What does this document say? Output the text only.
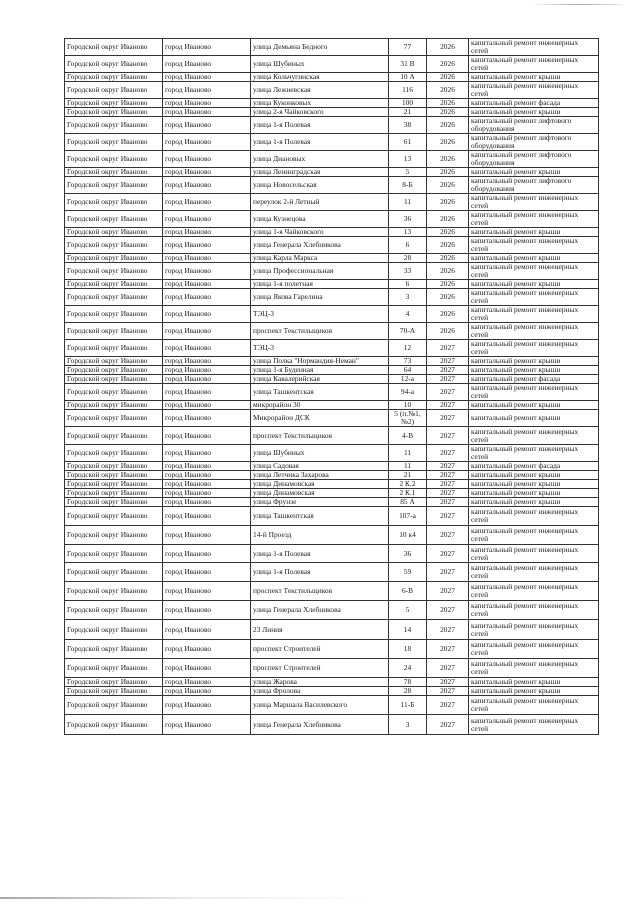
Городской округ Иваново	город Иваново	улица Демьяна Бедного	77	2026	капитальный ремонт инженерных сетей
Городской округ Иваново	город Иваново	улица Шубиных	31 В	2026	капитальный ремонт инженерных сетей
Городской округ Иваново	город Иваново	улица Кольчугинская	10 А	2026	капитальный ремонт крыши
Городской округ Иваново	город Иваново	улица Лежневская	116	2026	капитальный ремонт инженерных сетей
Городской округ Иваново	город Иваново	улица Куконковых	100	2026	капитальный ремонт фасада
Городской округ Иваново	город Иваново	улица 2-я Чайковского	21	2026	капитальный ремонт крыши
Городской округ Иваново	город Иваново	улица 1-я Полевая	38	2026	капитальный ремонт лифтового оборудования
Городской округ Иваново	город Иваново	улица 1-я Полевая	61	2026	капитальный ремонт лифтового оборудования
Городской округ Иваново	город Иваново	улица Диановых	13	2026	капитальный ремонт лифтового оборудования
Городской округ Иваново	город Иваново	улица Ленинградская	5	2026	капитальный ремонт крыши
Городской округ Иваново	город Иваново	улица Новосельская	8-Б	2026	капитальный ремонт лифтового оборудования
Городской округ Иваново	город Иваново	переулок 2-й Летный	11	2026	капитальный ремонт инженерных сетей
Городской округ Иваново	город Иваново	улица Кузнецова	36	2026	капитальный ремонт инженерных сетей
Городской округ Иваново	город Иваново	улица 1-я Чайковского	13	2026	капитальный ремонт крыши
Городской округ Иваново	город Иваново	улица Генерала Хлебникова	6	2026	капитальный ремонт инженерных сетей
Городской округ Иваново	город Иваново	улица Карла Маркса	28	2026	капитальный ремонт крыши
Городской округ Иваново	город Иваново	улица Профессиональная	33	2026	капитальный ремонт инженерных сетей
Городской округ Иваново	город Иваново	улица 1-я полетная	6	2026	капитальный ремонт крыши
Городской округ Иваново	город Иваново	улица Якова Гарелина	3	2026	капитальный ремонт инженерных сетей
Городской округ Иваново	город Иваново	ТЭЦ-3	4	2026	капитальный ремонт инженерных сетей
Городской округ Иваново	город Иваново	проспект Текстильщиков	70-А	2026	капитальный ремонт инженерных сетей
Городской округ Иваново	город Иваново	ТЭЦ-3	12	2027	капитальный ремонт инженерных сетей
Городской округ Иваново	город Иваново	улица Полка "Нормандия-Неман"	73	2027	капитальный ремонт крыши
Городской округ Иваново	город Иваново	улица 1-я Буденная	64	2027	капитальный ремонт крыши
Городской округ Иваново	город Иваново	улица Кавалерийская	12-а	2027	капитальный ремонт фасада
Городской округ Иваново	город Иваново	улица Ташкентская	94-а	2027	капитальный ремонт инженерных сетей
Городской округ Иваново	город Иваново	микрорайон 30	10	2027	капитальный ремонт крыши
Городской округ Иваново	город Иваново	Микрорайон ДСК	5 (п.№1, №2)	2027	капитальный ремонт крыши
Городской округ Иваново	город Иваново	проспект Текстильщиков	4-В	2027	капитальный ремонт инженерных сетей
Городской округ Иваново	город Иваново	улица Шубиных	11	2027	капитальный ремонт инженерных сетей
Городской округ Иваново	город Иваново	улица Садовая	11	2027	капитальный ремонт фасада
Городской округ Иваново	город Иваново	улица Летчика Захарова	21	2027	капитальный ремонт крыши
Городской округ Иваново	город Иваново	улица Динамовская	2 К.2	2027	капитальный ремонт крыши
Городской округ Иваново	город Иваново	улица Динамовская	2 К.1	2027	капитальный ремонт крыши
Городской округ Иваново	город Иваново	улица Фрунзе	85 А	2027	капитальный ремонт крыши
Городской округ Иваново	город Иваново	улица Ташкентская	107-а	2027	капитальный ремонт инженерных сетей
Городской округ Иваново	город Иваново	14-й Проезд	10 к4	2027	капитальный ремонт инженерных сетей
Городской округ Иваново	город Иваново	улица 1-я Полевая	36	2027	капитальный ремонт инженерных сетей
Городской округ Иваново	город Иваново	улица 1-я Полевая	59	2027	капитальный ремонт инженерных сетей
Городской округ Иваново	город Иваново	проспект Текстильщиков	6-В	2027	капитальный ремонт инженерных сетей
Городской округ Иваново	город Иваново	улица Генерала Хлебникова	5	2027	капитальный ремонт инженерных сетей
Городской округ Иваново	город Иваново	23 Линия	14	2027	капитальный ремонт инженерных сетей
Городской округ Иваново	город Иваново	проспект Строителей	18	2027	капитальный ремонт инженерных сетей
Городской округ Иваново	город Иваново	проспект Строителей	24	2027	капитальный ремонт инженерных сетей
Городской округ Иваново	город Иваново	улица Жарова	78	2027	капитальный ремонт крыши
Городской округ Иваново	город Иваново	улица Фролова	28	2027	капитальный ремонт крыши
Городской округ Иваново	город Иваново	улица Маршала Василевского	11-Б	2027	капитальный ремонт инженерных сетей
Городской округ Иваново	город Иваново	улица Генерала Хлебникова	3	2027	капитальный ремонт инженерных сетей
